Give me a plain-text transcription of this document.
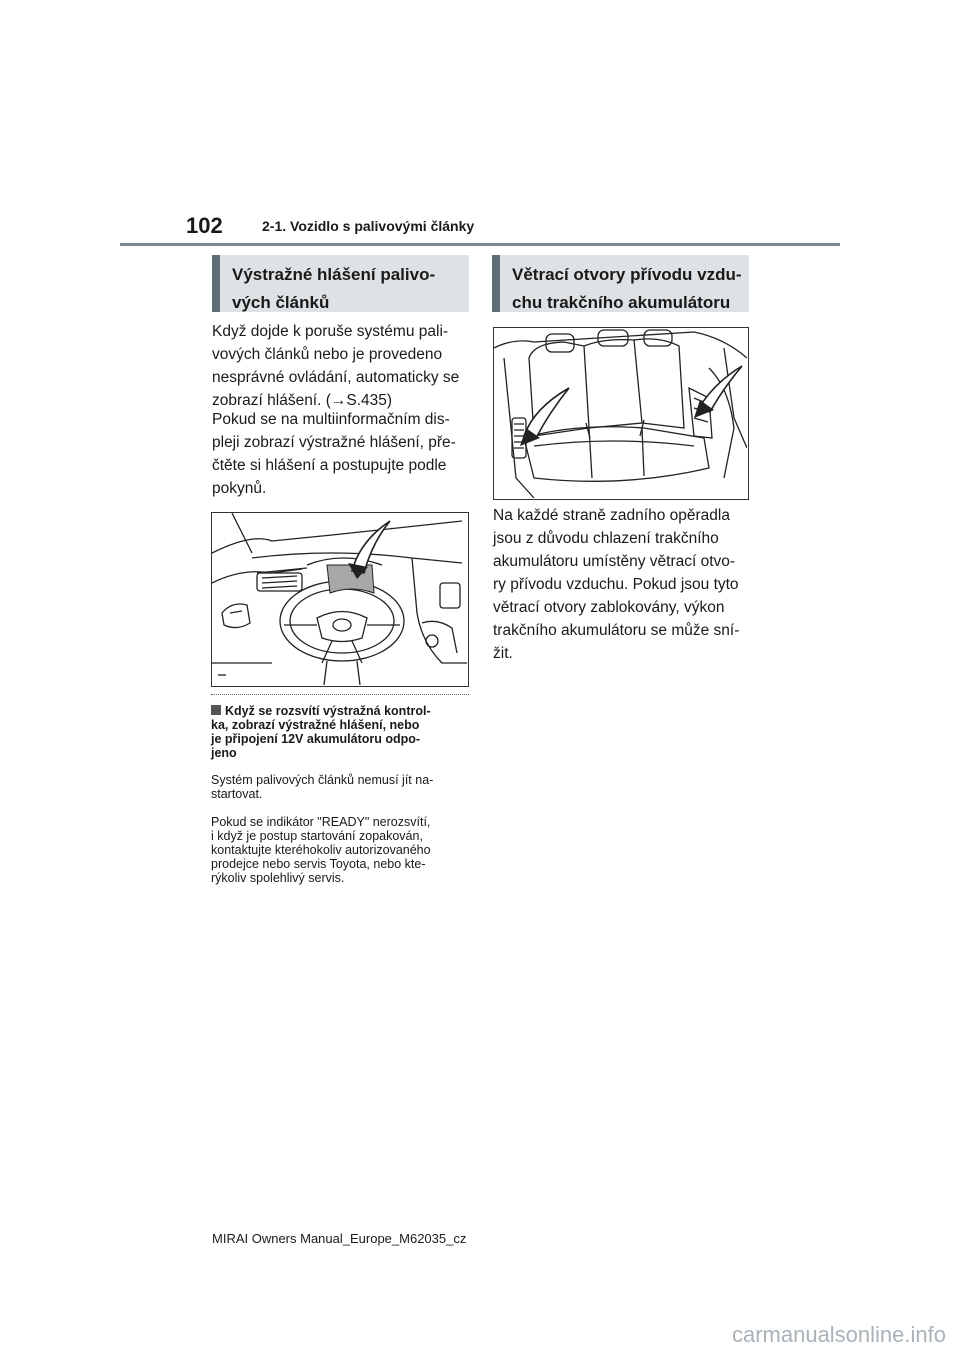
102	2-1. Vozidlo s palivovými články
Výstražné hlášení palivo-
vých článků
Když dojde k poruše systému pali-
vových článků nebo je provedeno
nesprávné ovládání, automaticky se
zobrazí hlášení. (→S.435)
Pokud se na multiinformačním dis-
pleji zobrazí výstražné hlášení, pře-
čtěte si hlášení a postupujte podle
pokynů.
Když se rozsvítí výstražná kontrol-
ka, zobrazí výstražné hlášení, nebo
je připojení 12V akumulátoru odpo-
jeno
Systém palivových článků nemusí jít na-
startovat.
Pokud se indikátor "READY" nerozsvítí,
i když je postup startování zopakován,
kontaktujte kteréhokoliv autorizovaného
prodejce nebo servis Toyota, nebo kte-
rýkoliv spolehlivý servis.
Větrací otvory přívodu vzdu-
chu trakčního akumulátoru
Na každé straně zadního opěradla
jsou z důvodu chlazení trakčního
akumulátoru umístěny větrací otvo-
ry přívodu vzduchu. Pokud jsou tyto
větrací otvory zablokovány, výkon
trakčního akumulátoru se může sní-
žit.
MIRAI Owners Manual_Europe_M62035_cz
carmanualsonline.info
